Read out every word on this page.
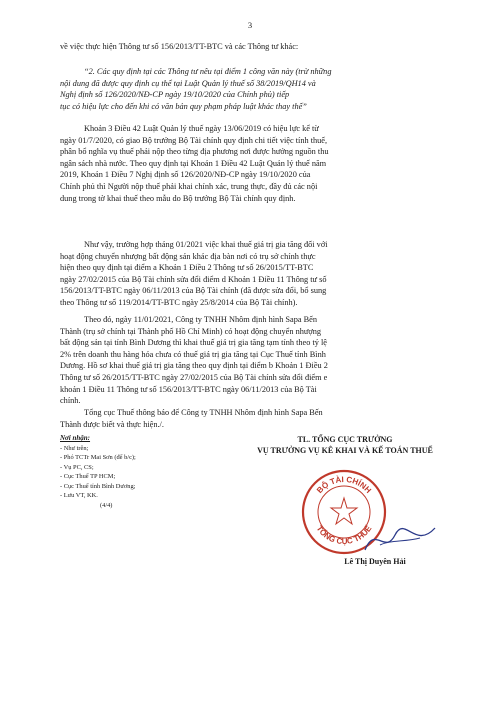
3
về việc thực hiện Thông tư số 156/2013/TT-BTC và các Thông tư khác:
“2. Các quy định tại các Thông tư nêu tại điểm 1 công văn này (trừ những
nội dung đã được quy định cụ thể tại Luật Quản lý thuế số 38/2019/QH14 và
Nghị định số 126/2020/NĐ-CP ngày 19/10/2020 của Chính phủ) tiếp
tục có hiệu lực cho đến khi có văn bản quy phạm pháp luật khác thay thế”
Khoản 3 Điều 42 Luật Quản lý thuế ngày 13/06/2019 có hiệu lực kể từ
ngày 01/7/2020, có giao Bộ trưởng Bộ Tài chính quy định chi tiết việc tính thuế,
phân bổ nghĩa vụ thuế phải nộp theo từng địa phương nơi được hưởng nguồn thu
ngân sách nhà nước. Theo quy định tại Khoản 1 Điều 42 Luật Quản lý thuế năm
2019, Khoản 1 Điều 7 Nghị định số 126/2020/NĐ-CP ngày 19/10/2020 của
Chính phủ thì Người nộp thuế phải khai chính xác, trung thực, đầy đủ các nội
dung trong tờ khai thuế theo mẫu do Bộ trưởng Bộ Tài chính quy định.
Như vậy, trường hợp tháng 01/2021 việc khai thuế giá trị gia tăng đối với
hoạt động chuyển nhượng bất động sản khác địa bàn nơi có trụ sở chính thực
hiện theo quy định tại điểm a Khoản 1 Điều 2 Thông tư số 26/2015/TT-BTC
ngày 27/02/2015 của Bộ Tài chính sửa đổi điểm d Khoản 1 Điều 11 Thông tư số
156/2013/TT-BTC ngày 06/11/2013 của Bộ Tài chính (đã được sửa đổi, bổ sung
theo Thông tư số 119/2014/TT-BTC ngày 25/8/2014 của Bộ Tài chính).
Theo đó, ngày 11/01/2021, Công ty TNHH Nhôm định hình Sapa Bến
Thành (trụ sở chính tại Thành phố Hồ Chí Minh) có hoạt động chuyển nhượng
bất động sản tại tỉnh Bình Dương thì khai thuế giá trị gia tăng tạm tính theo tỷ lệ
2% trên doanh thu hàng hóa chưa có thuế giá trị gia tăng tại Cục Thuế tỉnh Bình
Dương. Hồ sơ khai thuế giá trị gia tăng theo quy định tại điểm b Khoản 1 Điều 2
Thông tư số 26/2015/TT-BTC ngày 27/02/2015 của Bộ Tài chính sửa đổi điểm e
khoản 1 Điều 11 Thông tư số 156/2013/TT-BTC ngày 06/11/2013 của Bộ Tài
chính.
Tổng cục Thuế thông báo để Công ty TNHH Nhôm định hình Sapa Bến
Thành được biết và thực hiện./.
Nơi nhận:
- Như trên;
- Phó TCTr Mai Sơn (để b/c);
- Vụ PC, CS;
- Cục Thuế TP HCM;
- Cục Thuế tỉnh Bình Dương;
- Lưu VT, KK.
(4/4)
TL. TỔNG CỤC TRƯỞNG
VỤ TRƯỞNG VỤ KÊ KHAI VÀ KẾ TOÁN THUẾ
BỘ TÀI CHÍNH
TỔNG CỤC THUẾ
Lê Thị Duyên Hải
